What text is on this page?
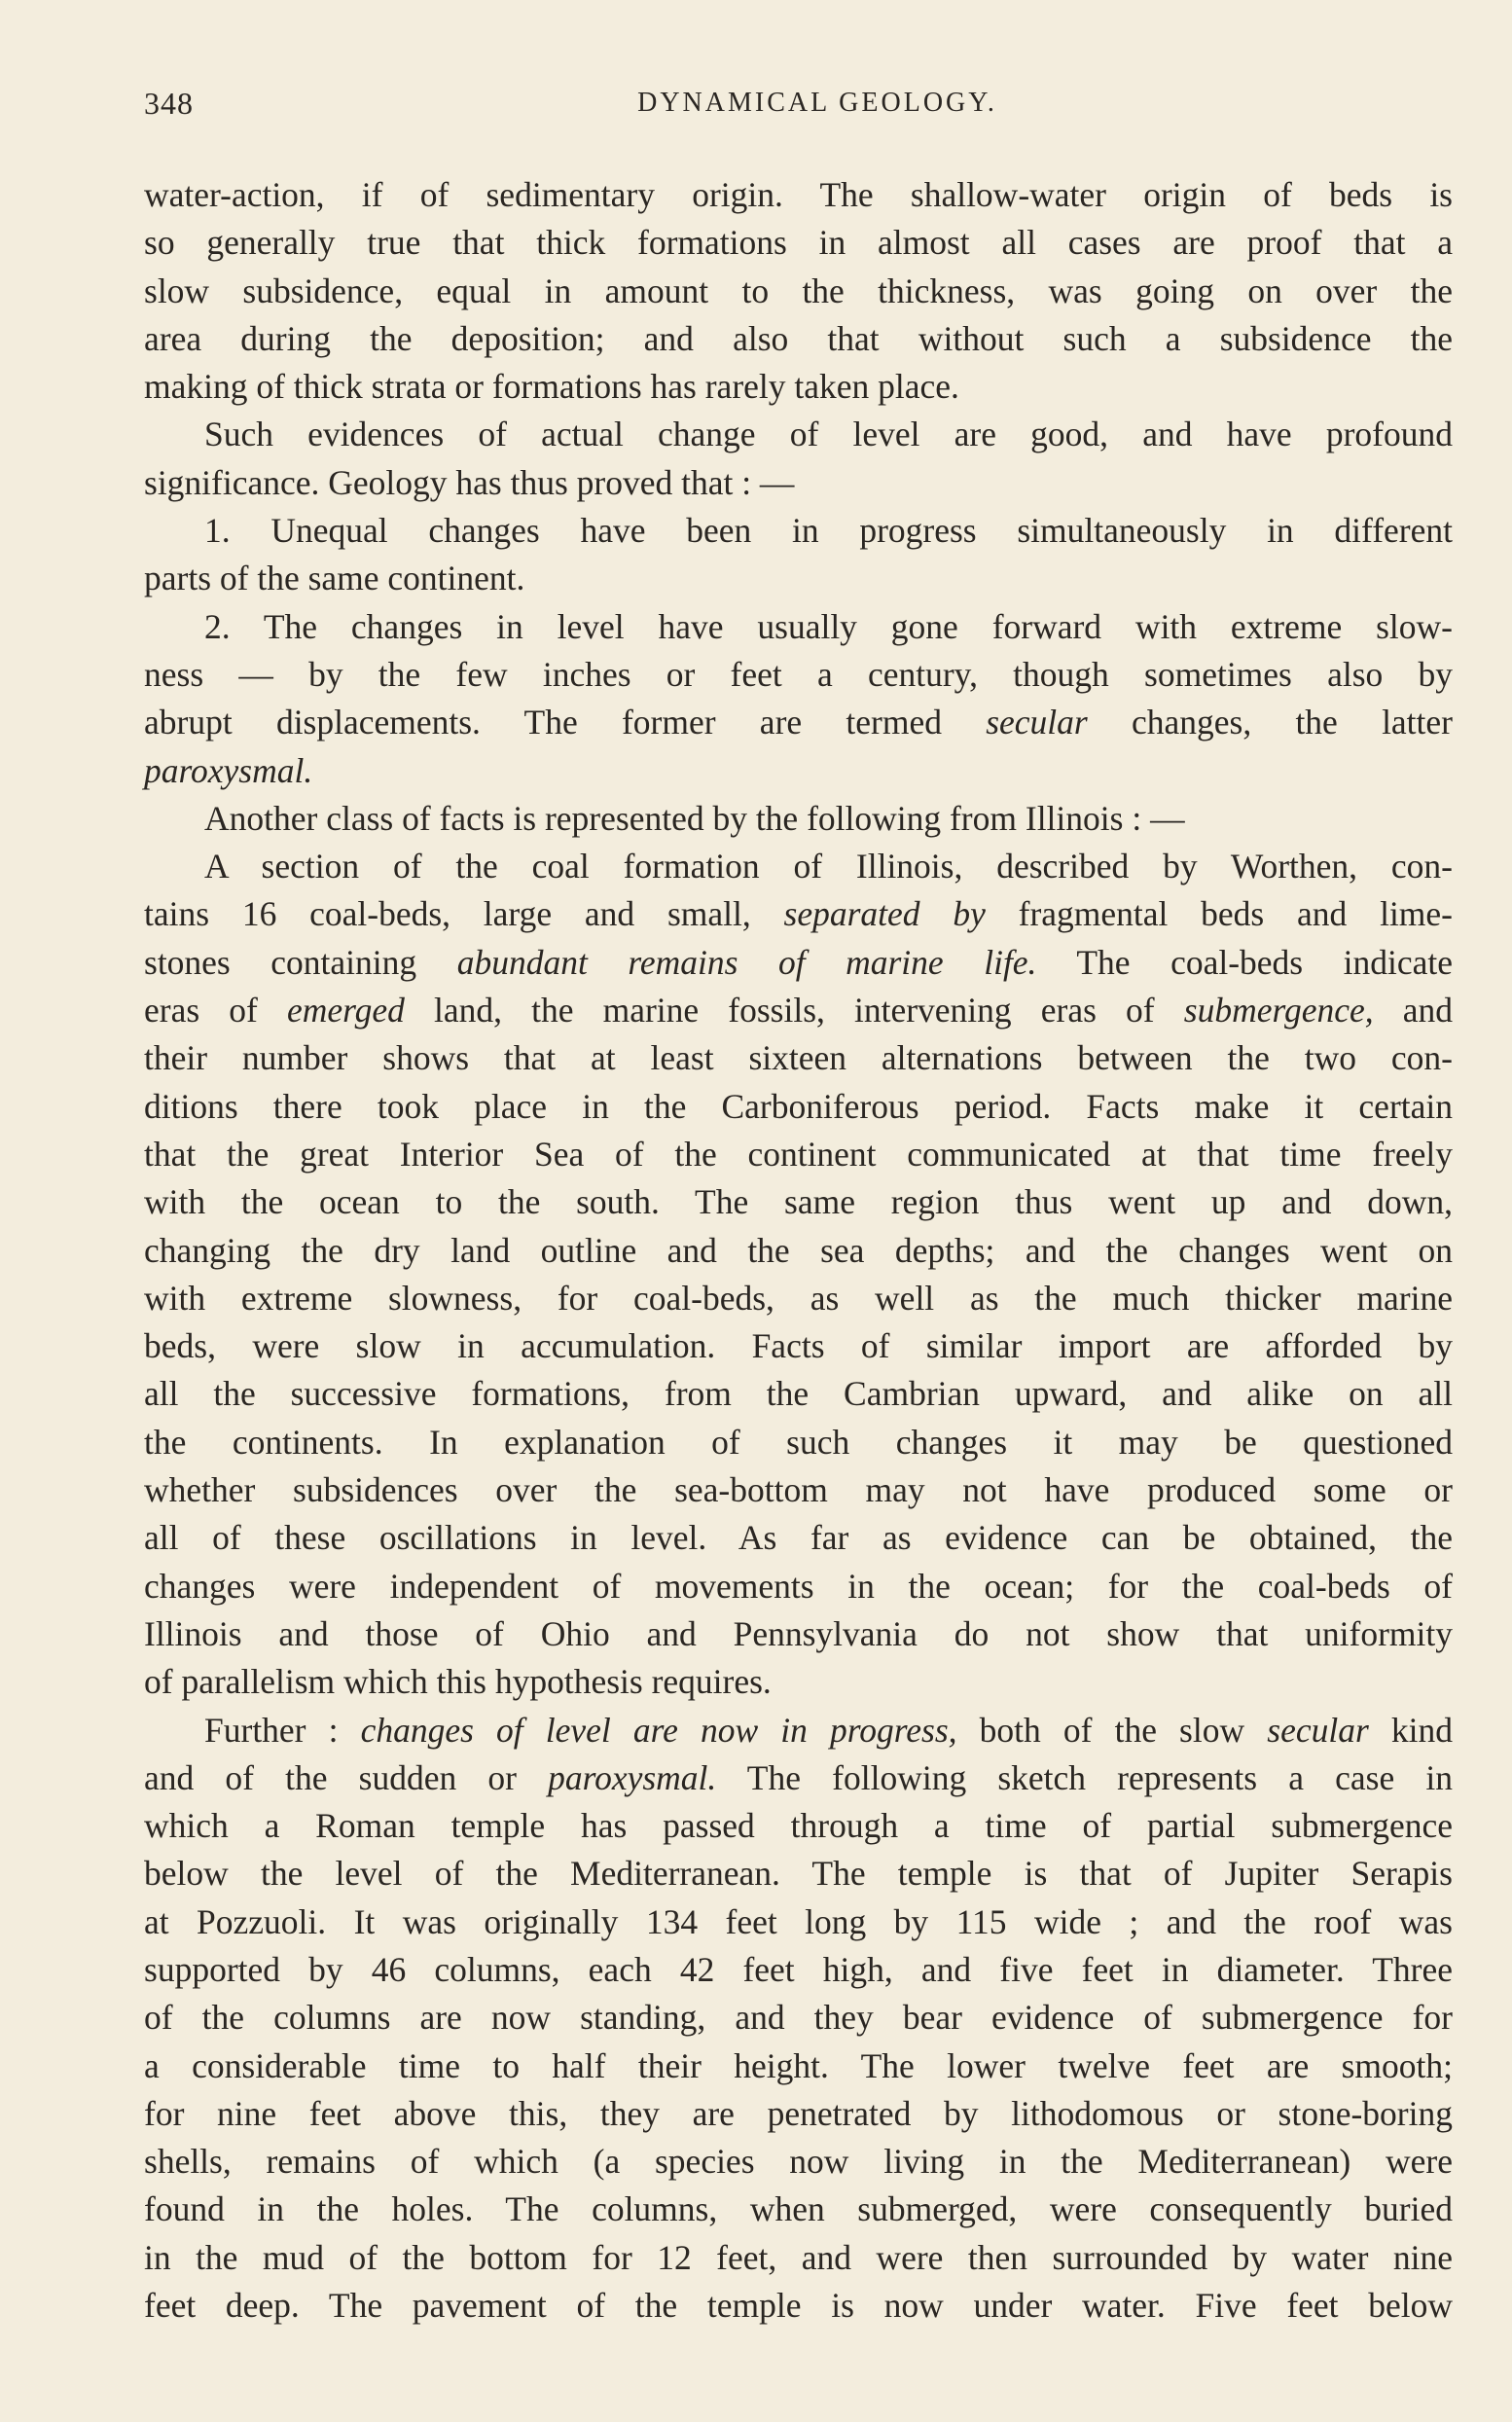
348	DYNAMICAL GEOLOGY.
water-action, if of sedimentary origin. The shallow-water origin of beds is
so generally true that thick formations in almost all cases are proof that a
slow subsidence, equal in amount to the thickness, was going on over the
area during the deposition; and also that without such a subsidence the
making of thick strata or formations has rarely taken place.
Such evidences of actual change of level are good, and have profound
significance. Geology has thus proved that : —
1. Unequal changes have been in progress simultaneously in different
parts of the same continent.
2. The changes in level have usually gone forward with extreme slow-
ness — by the few inches or feet a century, though sometimes also by
abrupt displacements. The former are termed secular changes, the latter
paroxysmal.
Another class of facts is represented by the following from Illinois : —
A section of the coal formation of Illinois, described by Worthen, con-
tains 16 coal-beds, large and small, separated by fragmental beds and lime-
stones containing abundant remains of marine life. The coal-beds indicate
eras of emerged land, the marine fossils, intervening eras of submergence, and
their number shows that at least sixteen alternations between the two con-
ditions there took place in the Carboniferous period. Facts make it certain
that the great Interior Sea of the continent communicated at that time freely
with the ocean to the south. The same region thus went up and down,
changing the dry land outline and the sea depths; and the changes went on
with extreme slowness, for coal-beds, as well as the much thicker marine
beds, were slow in accumulation. Facts of similar import are afforded by
all the successive formations, from the Cambrian upward, and alike on all
the continents. In explanation of such changes it may be questioned
whether subsidences over the sea-bottom may not have produced some or
all of these oscillations in level. As far as evidence can be obtained, the
changes were independent of movements in the ocean; for the coal-beds of
Illinois and those of Ohio and Pennsylvania do not show that uniformity
of parallelism which this hypothesis requires.
Further : changes of level are now in progress, both of the slow secular kind
and of the sudden or paroxysmal. The following sketch represents a case in
which a Roman temple has passed through a time of partial submergence
below the level of the Mediterranean. The temple is that of Jupiter Serapis
at Pozzuoli. It was originally 134 feet long by 115 wide ; and the roof was
supported by 46 columns, each 42 feet high, and five feet in diameter. Three
of the columns are now standing, and they bear evidence of submergence for
a considerable time to half their height. The lower twelve feet are smooth;
for nine feet above this, they are penetrated by lithodomous or stone-boring
shells, remains of which (a species now living in the Mediterranean) were
found in the holes. The columns, when submerged, were consequently buried
in the mud of the bottom for 12 feet, and were then surrounded by water nine
feet deep. The pavement of the temple is now under water. Five feet below
